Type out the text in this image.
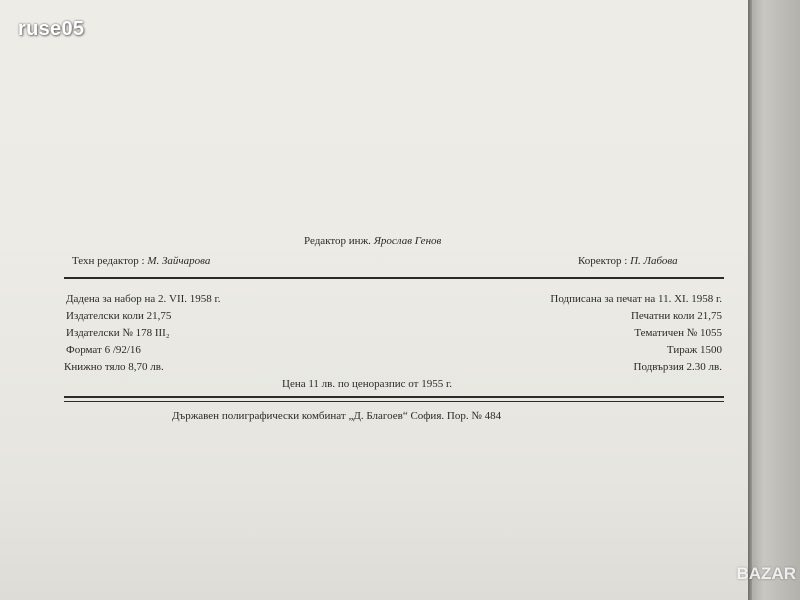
Редактор инж. Ярослав Генов
Техн редактор : М. Зайчарова	Коректор : П. Лабова
Дадена за набор на 2. VII. 1958 г.
Издателски коли 21,75
Издателски № 178 III₂
Формат 6 /92/16
Книжно тяло 8,70 лв.
Подписана за печат на 11. XI. 1958 г.
Печатни коли 21,75
Тематичен № 1055
Тираж 1500
Подвързия 2.30 лв.
Цена 11 лв. по ценоразпис от 1955 г.
Държавен полиграфически комбинат „Д. Благоев“ София. Пор. № 484
ruse05
BAZAR
